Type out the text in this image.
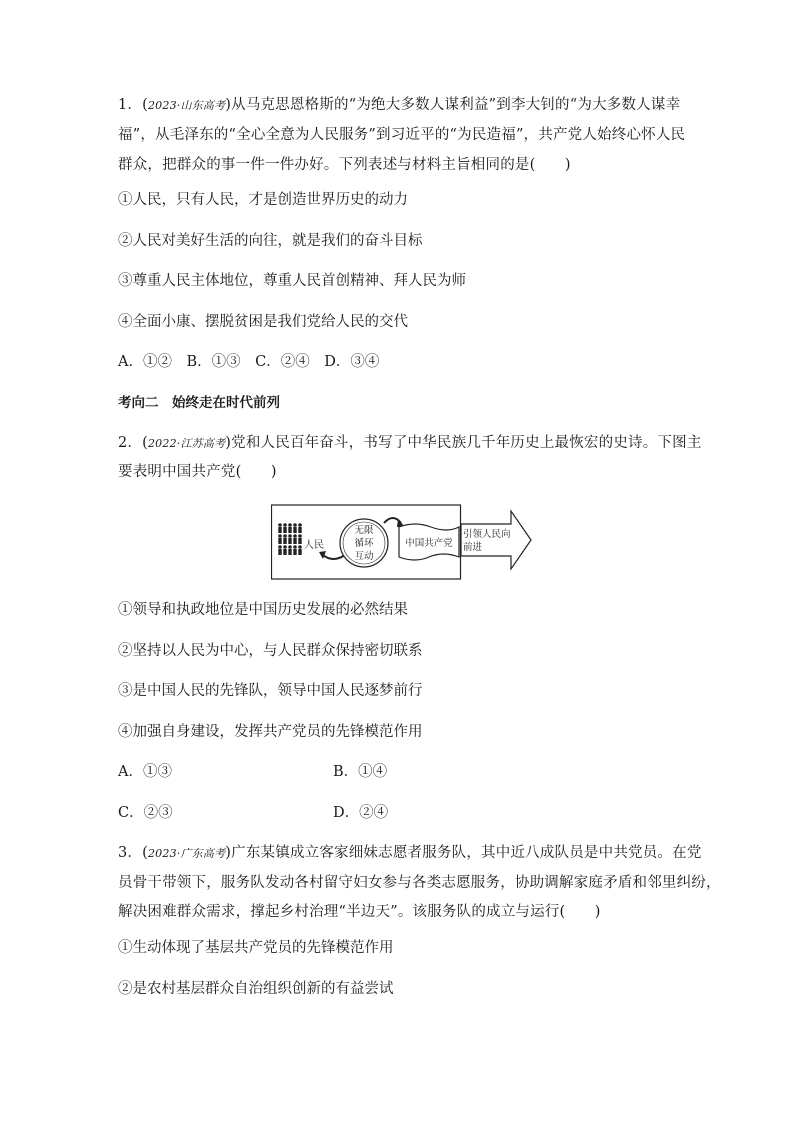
1．(2023·山东高考)从马克思恩格斯的“为绝大多数人谋利益”到李大钊的“为大多数人谋幸
福”，从毛泽东的“全心全意为人民服务”到习近平的“为民造福”，共产党人始终心怀人民
群众，把群众的事一件一件办好。下列表述与材料主旨相同的是(　　)
①人民，只有人民，才是创造世界历史的动力
②人民对美好生活的向往，就是我们的奋斗目标
③尊重人民主体地位，尊重人民首创精神、拜人民为师
④全面小康、摆脱贫困是我们党给人民的交代
A．①②　B．①③　C．②④　D．③④
考向二　始终走在时代前列
2．(2022·江苏高考)党和人民百年奋斗，书写了中华民族几千年历史上最恢宏的史诗。下图主
要表明中国共产党(　　)
人民
无限
循环
互动
中国共产党
引领人民向
前进
①领导和执政地位是中国历史发展的必然结果
②坚持以人民为中心，与人民群众保持密切联系
③是中国人民的先锋队，领导中国人民逐梦前行
④加强自身建设，发挥共产党员的先锋模范作用
A．①③	B．①④
C．②③	D．②④
3．(2023·广东高考)广东某镇成立客家细妹志愿者服务队，其中近八成队员是中共党员。在党
员骨干带领下，服务队发动各村留守妇女参与各类志愿服务，协助调解家庭矛盾和邻里纠纷，
解决困难群众需求，撑起乡村治理“半边天”。该服务队的成立与运行(　　)
①生动体现了基层共产党员的先锋模范作用
②是农村基层群众自治组织创新的有益尝试
